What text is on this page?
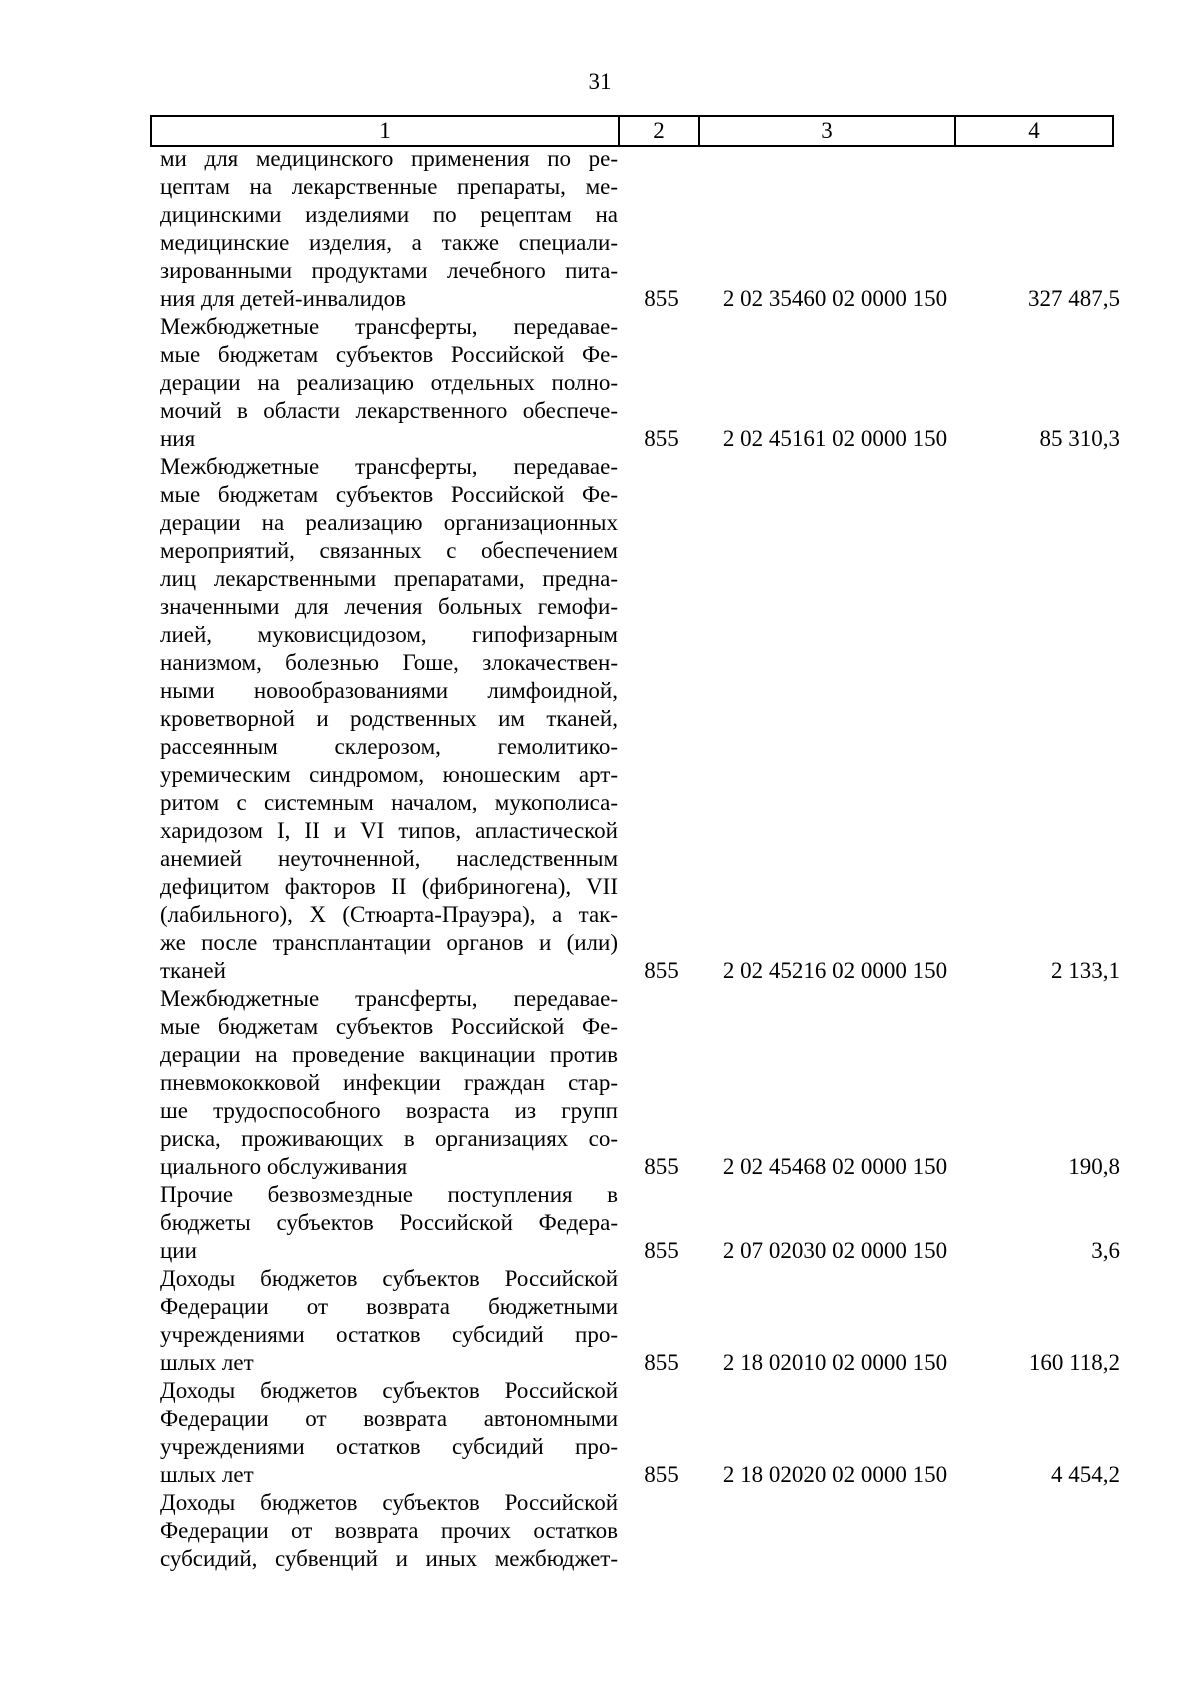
31
1	2	3	4
ми для медицинского применения по ре-
цептам на лекарственные препараты, ме-
дицинскими изделиями по рецептам на
медицинские изделия, а также специали-
зированными продуктами лечебного пита-
ния для детей-инвалидов	855	2 02 35460 02 0000 150	327 487,5
Межбюджетные трансферты, передавае-
мые бюджетам субъектов Российской Фе-
дерации на реализацию отдельных полно-
мочий в области лекарственного обеспече-
ния	855	2 02 45161 02 0000 150	85 310,3
Межбюджетные трансферты, передавае-
мые бюджетам субъектов Российской Фе-
дерации на реализацию организационных
мероприятий, связанных с обеспечением
лиц лекарственными препаратами, предна-
значенными для лечения больных гемофи-
лией, муковисцидозом, гипофизарным
нанизмом, болезнью Гоше, злокачествен-
ными новообразованиями лимфоидной,
кроветворной и родственных им тканей,
рассеянным склерозом, гемолитико-
уремическим синдромом, юношеским арт-
ритом с системным началом, мукополиса-
харидозом I, II и VI типов, апластической
анемией неуточненной, наследственным
дефицитом факторов II (фибриногена), VII
(лабильного), X (Стюарта-Прауэра), а так-
же после трансплантации органов и (или)
тканей	855	2 02 45216 02 0000 150	2 133,1
Межбюджетные трансферты, передавае-
мые бюджетам субъектов Российской Фе-
дерации на проведение вакцинации против
пневмококковой инфекции граждан стар-
ше трудоспособного возраста из групп
риска, проживающих в организациях со-
циального обслуживания	855	2 02 45468 02 0000 150	190,8
Прочие безвозмездные поступления в
бюджеты субъектов Российской Федера-
ции	855	2 07 02030 02 0000 150	3,6
Доходы бюджетов субъектов Российской
Федерации от возврата бюджетными
учреждениями остатков субсидий про-
шлых лет	855	2 18 02010 02 0000 150	160 118,2
Доходы бюджетов субъектов Российской
Федерации от возврата автономными
учреждениями остатков субсидий про-
шлых лет	855	2 18 02020 02 0000 150	4 454,2
Доходы бюджетов субъектов Российской
Федерации от возврата прочих остатков
субсидий, субвенций и иных межбюджет-
